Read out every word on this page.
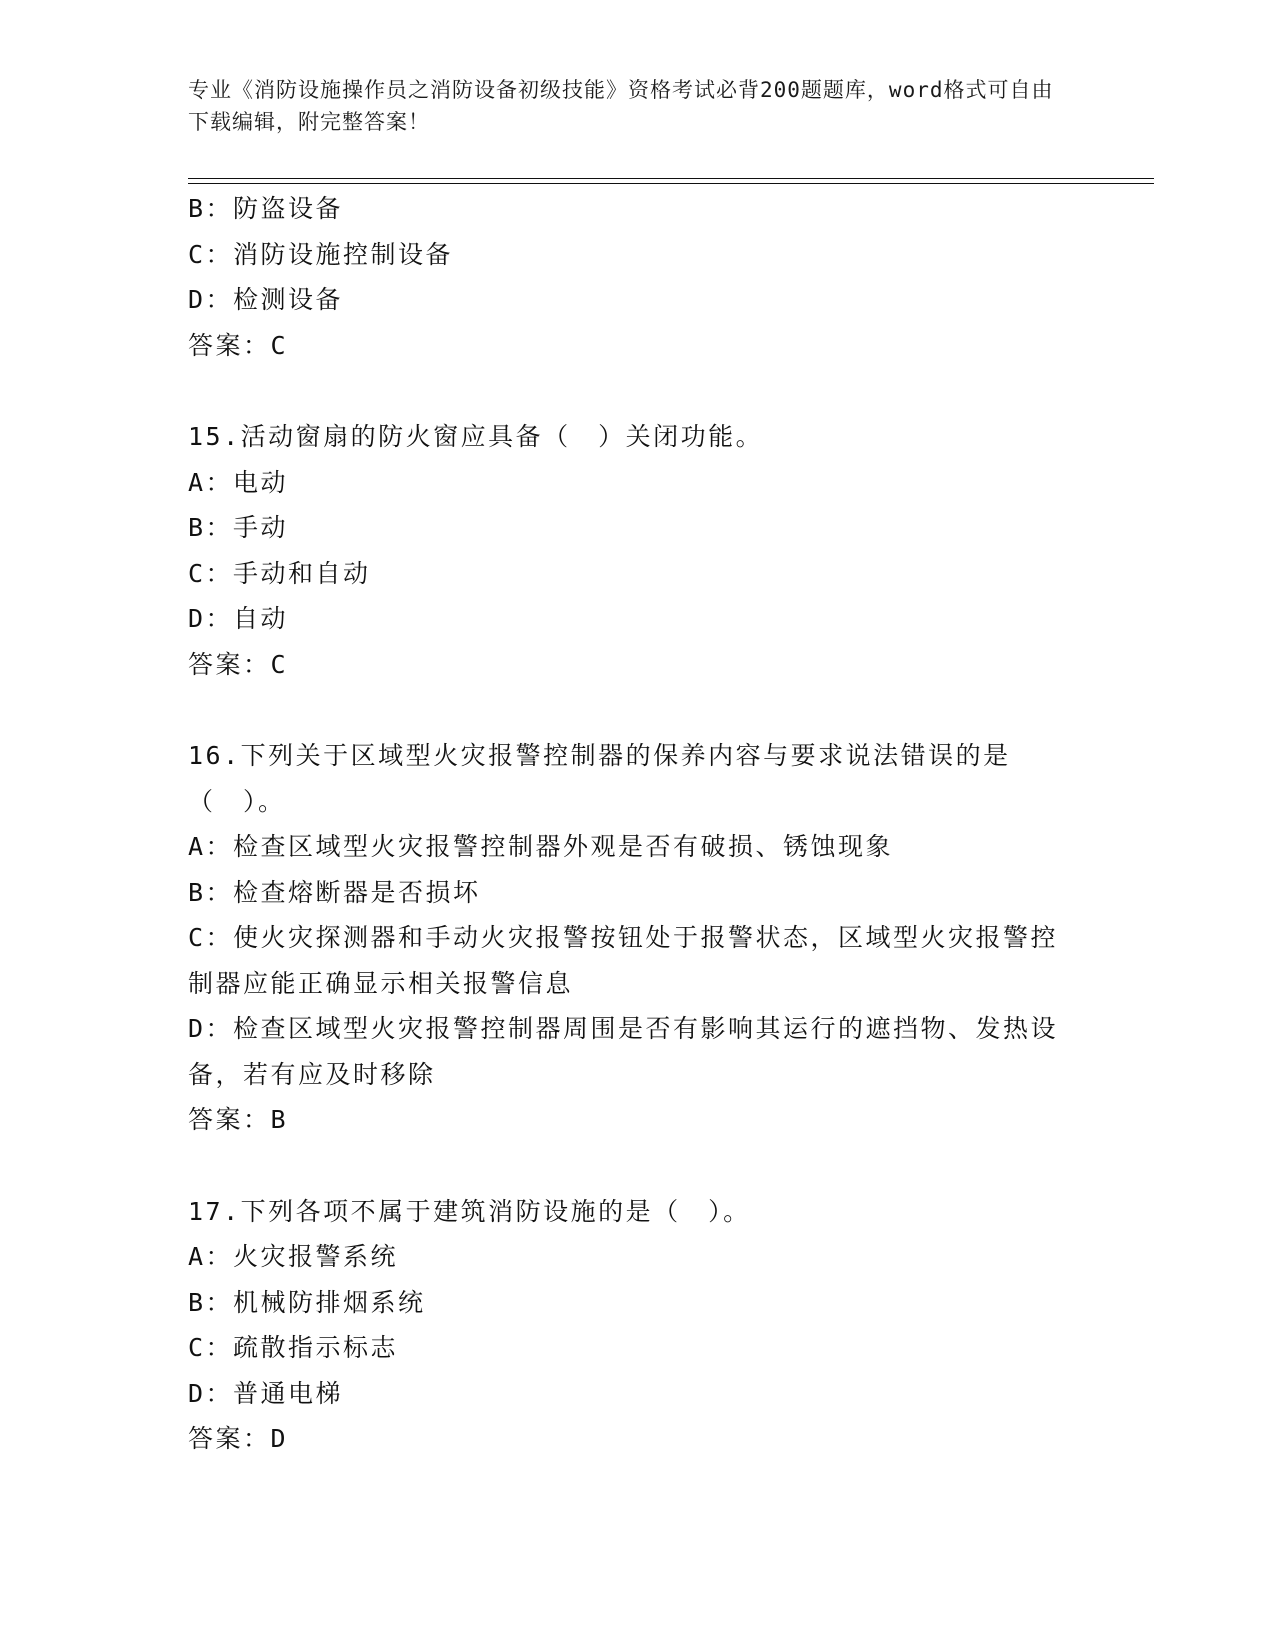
专业《消防设施操作员之消防设备初级技能》资格考试必背200题题库，word格式可自由下载编辑，附完整答案！
B：防盗设备
C：消防设施控制设备
D：检测设备
答案：C
15.活动窗扇的防火窗应具备（　）关闭功能。
A：电动
B：手动
C：手动和自动
D：自动
答案：C
16.下列关于区域型火灾报警控制器的保养内容与要求说法错误的是（　）。
A：检查区域型火灾报警控制器外观是否有破损、锈蚀现象
B：检查熔断器是否损坏
C：使火灾探测器和手动火灾报警按钮处于报警状态，区域型火灾报警控制器应能正确显示相关报警信息
D：检查区域型火灾报警控制器周围是否有影响其运行的遮挡物、发热设备，若有应及时移除
答案：B
17.下列各项不属于建筑消防设施的是（　）。
A：火灾报警系统
B：机械防排烟系统
C：疏散指示标志
D：普通电梯
答案：D
